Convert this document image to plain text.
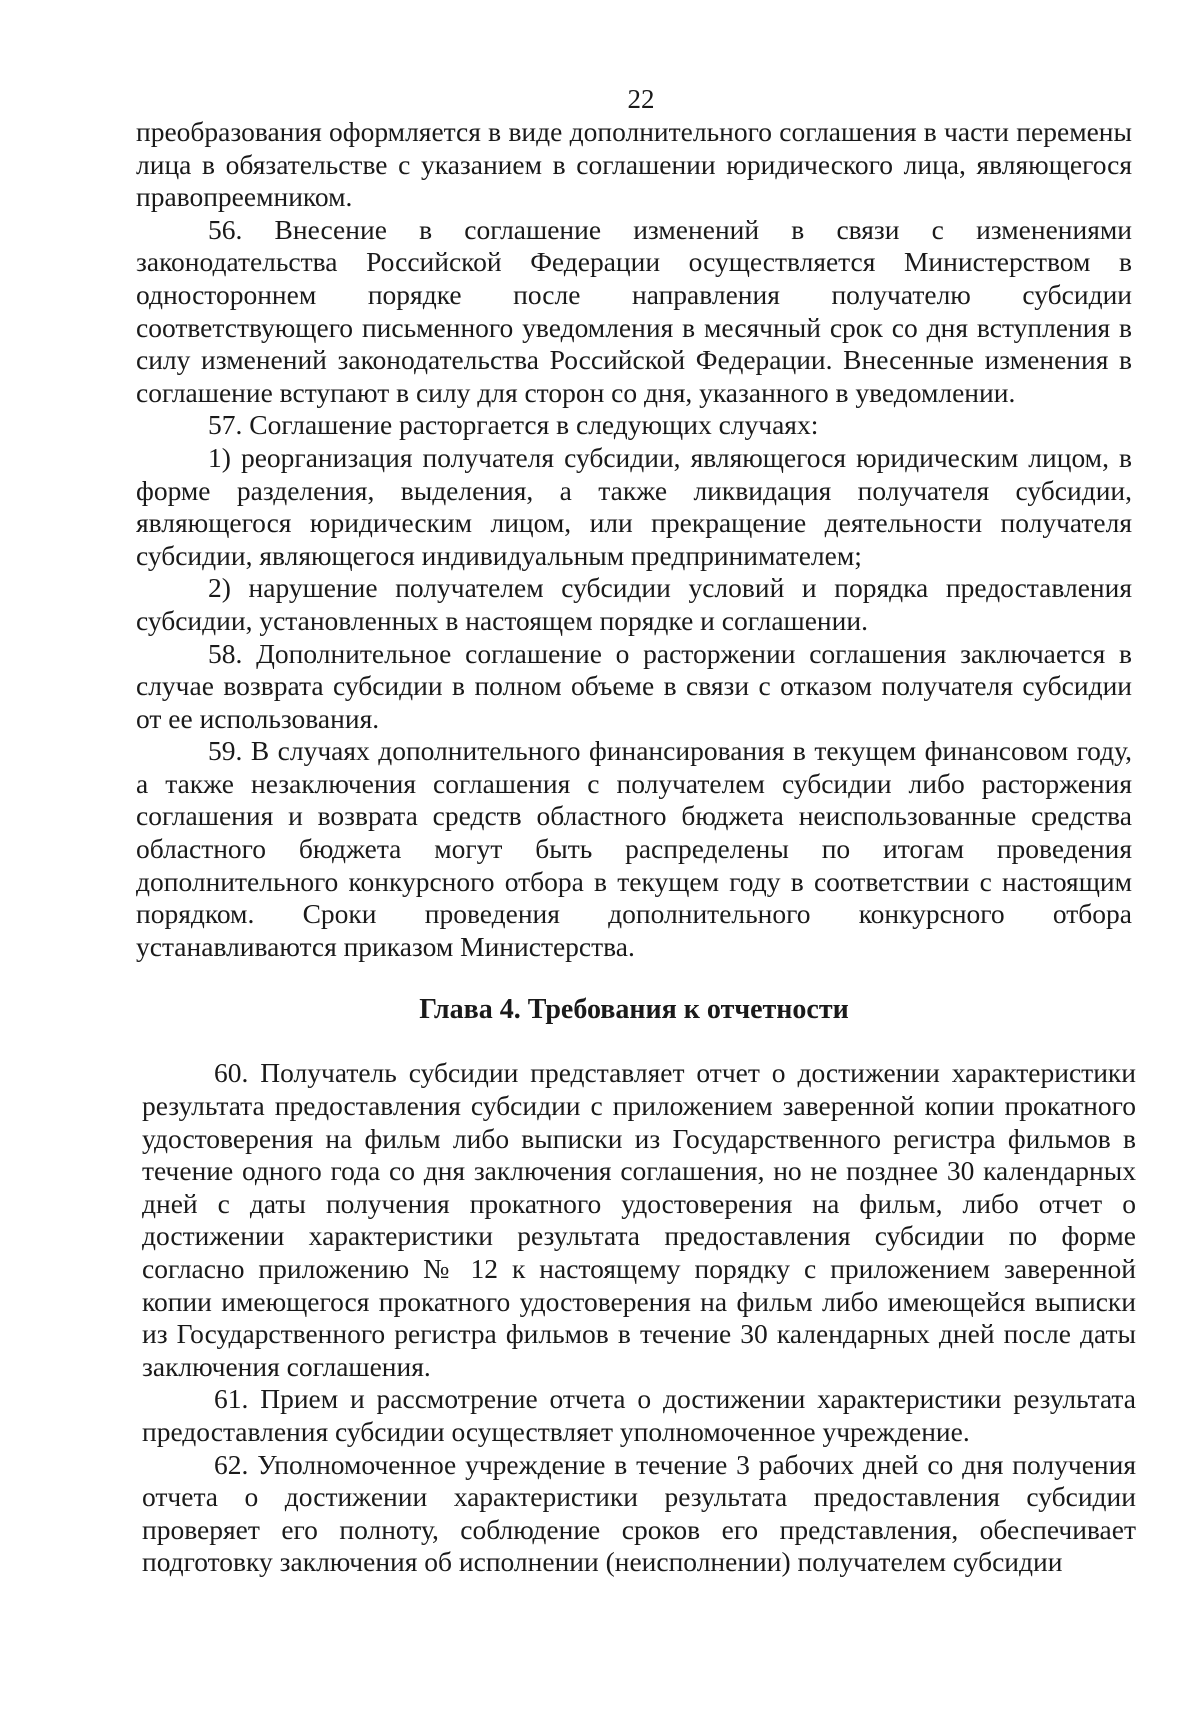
22

преобразования оформляется в виде дополнительного соглашения в части перемены лица в обязательстве с указанием в соглашении юридического лица, являющегося правопреемником.

56. Внесение в соглашение изменений в связи с изменениями законодательства Российской Федерации осуществляется Министерством в одностороннем порядке после направления получателю субсидии соответствующего письменного уведомления в месячный срок со дня вступления в силу изменений законодательства Российской Федерации. Внесенные изменения в соглашение вступают в силу для сторон со дня, указанного в уведомлении.

57. Соглашение расторгается в следующих случаях:

1) реорганизация получателя субсидии, являющегося юридическим лицом, в форме разделения, выделения, а также ликвидация получателя субсидии, являющегося юридическим лицом, или прекращение деятельности получателя субсидии, являющегося индивидуальным предпринимателем;

2) нарушение получателем субсидии условий и порядка предоставления субсидии, установленных в настоящем порядке и соглашении.

58. Дополнительное соглашение о расторжении соглашения заключается в случае возврата субсидии в полном объеме в связи с отказом получателя субсидии от ее использования.

59. В случаях дополнительного финансирования в текущем финансовом году, а также незаключения соглашения с получателем субсидии либо расторжения соглашения и возврата средств областного бюджета неиспользованные средства областного бюджета могут быть распределены по итогам проведения дополнительного конкурсного отбора в текущем году в соответствии с настоящим порядком. Сроки проведения дополнительного конкурсного отбора устанавливаются приказом Министерства.

Глава 4. Требования к отчетности

60. Получатель субсидии представляет отчет о достижении характеристики результата предоставления субсидии с приложением заверенной копии прокатного удостоверения на фильм либо выписки из Государственного регистра фильмов в течение одного года со дня заключения соглашения, но не позднее 30 календарных дней с даты получения прокатного удостоверения на фильм, либо отчет о достижении характеристики результата предоставления субсидии по форме согласно приложению № 12 к настоящему порядку с приложением заверенной копии имеющегося прокатного удостоверения на фильм либо имеющейся выписки из Государственного регистра фильмов в течение 30 календарных дней после даты заключения соглашения.

61. Прием и рассмотрение отчета о достижении характеристики результата предоставления субсидии осуществляет уполномоченное учреждение.

62. Уполномоченное учреждение в течение 3 рабочих дней со дня получения отчета о достижении характеристики результата предоставления субсидии проверяет его полноту, соблюдение сроков его представления, обеспечивает подготовку заключения об исполнении (неисполнении) получателем субсидии
